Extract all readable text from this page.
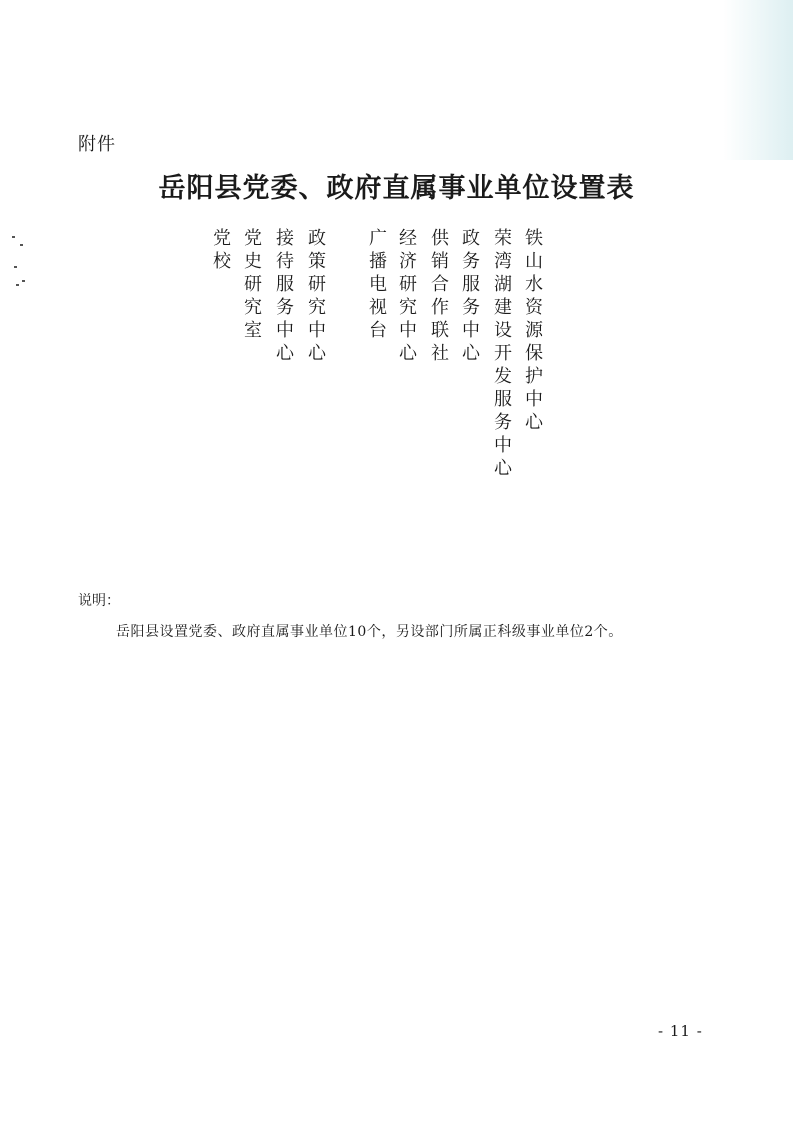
附件
岳阳县党委、政府直属事业单位设置表
铁山水资源保护中心
荣湾湖建设开发服务中心
政务服务中心
供销合作联社
经济研究中心
广播电视台
政策研究中心
接待服务中心
党史研究室
党校
说明：
岳阳县设置党委、政府直属事业单位10个，另设部门所属正科级事业单位2个。
- 11 -
